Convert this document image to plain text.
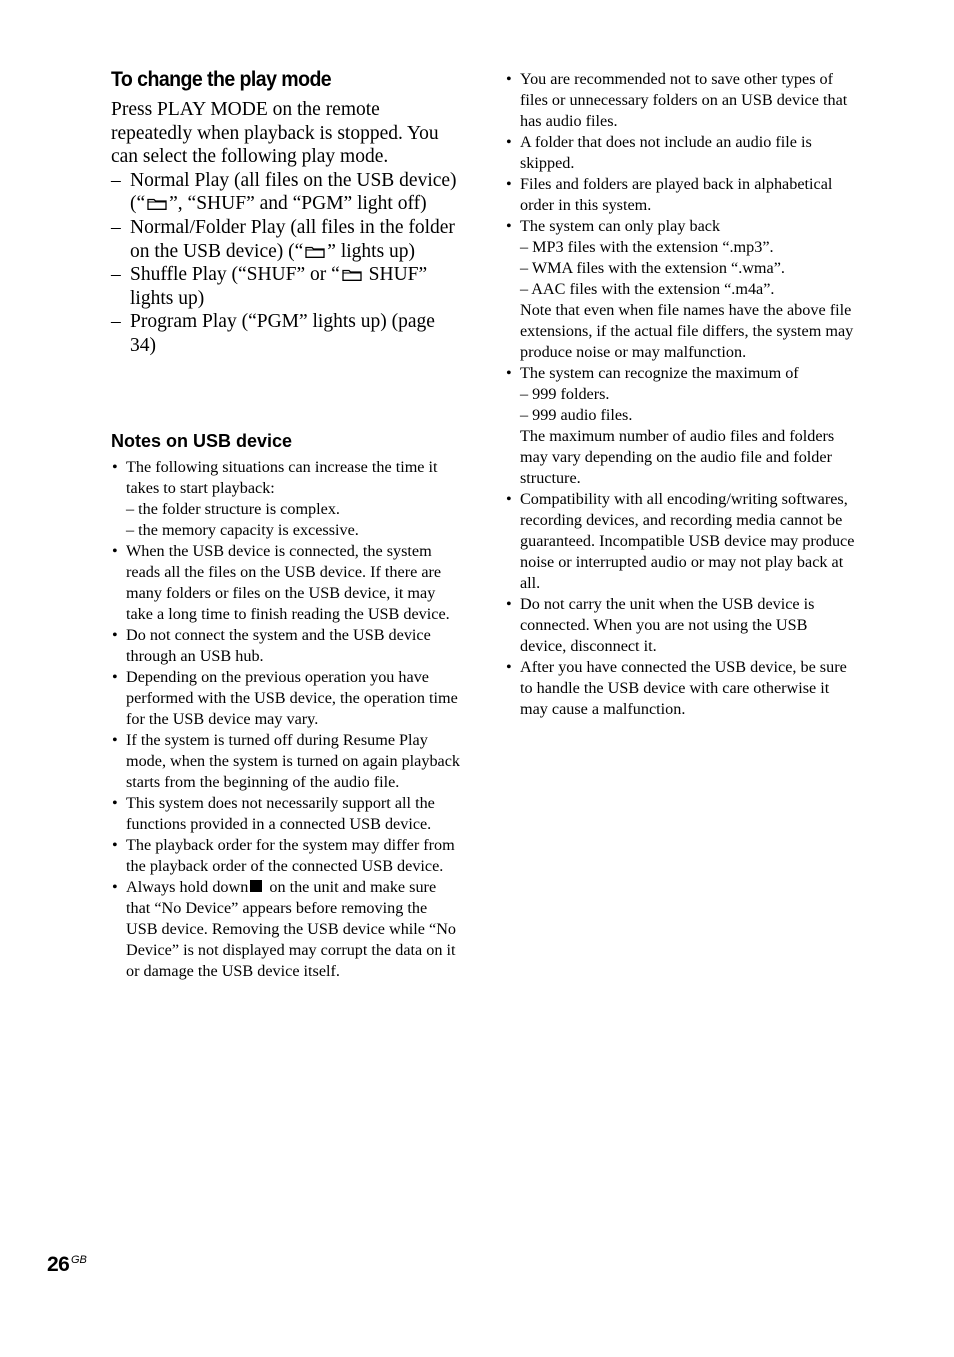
To change the play mode

Press PLAY MODE on the remote repeatedly when playback is stopped. You can select the following play mode.

– Normal Play (all files on the USB device) (“ ”, “SHUF” and “PGM” light off)
– Normal/Folder Play (all files in the folder on the USB device) (“ ” lights up)
– Shuffle Play (“SHUF” or “
SHUF” lights up)
– Program Play (“PGM” lights up) (page 34)
Notes on USB device
• The following situations can increase the time it takes to start playback:
– the folder structure is complex.
– the memory capacity is excessive.
• When the USB device is connected, the system reads all the files on the USB device. If there are many folders or files on the USB device, it may take a long time to finish reading the USB device.
• Do not connect the system and the USB device through an USB hub.
• Depending on the previous operation you have performed with the USB device, the operation time for the USB device may vary.
• If the system is turned off during Resume Play mode, when the system is turned on again playback starts from the beginning of the audio file.
• This system does not necessarily support all the functions provided in a connected USB device.
• The playback order for the system may differ from the playback order of the connected USB device.
• Always hold down on the unit and make sure that “No Device” appears before removing the USB device. Removing the USB device while “No Device” is not displayed may corrupt the data on it or damage the USB device itself.
• You are recommended not to save other types of files or unnecessary folders on an USB device that has audio files.
• A folder that does not include an audio file is skipped.
• Files and folders are played back in alphabetical order in this system.
• The system can only play back
– MP3 files with the extension “.mp3”.
– WMA files with the extension “.wma”.
– AAC files with the extension “.m4a”.
Note that even when file names have the above file extensions, if the actual file differs, the system may produce noise or may malfunction.
• The system can recognize the maximum of
– 999 folders.
– 999 audio files.
The maximum number of audio files and folders may vary depending on the audio file and folder structure.
• Compatibility with all encoding/writing softwares, recording devices, and recording media cannot be guaranteed. Incompatible USB device may produce noise or interrupted audio or may not play back at all.
• Do not carry the unit when the USB device is connected. When you are not using the USB device, disconnect it.
• After you have connected the USB device, be sure to handle the USB device with care otherwise it may cause a malfunction.
26 GB
